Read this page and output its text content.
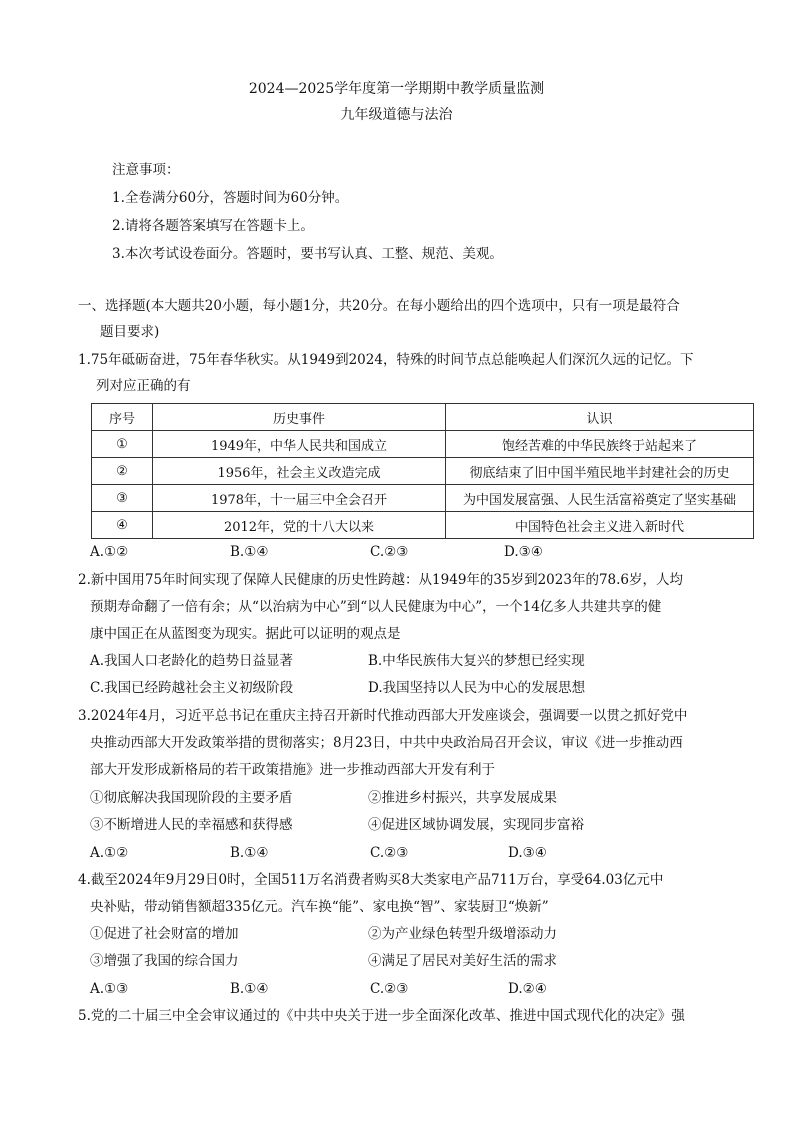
2024—2025学年度第一学期期中教学质量监测
九年级道德与法治
注意事项：
1.全卷满分60分，答题时间为60分钟。
2.请将各题答案填写在答题卡上。
3.本次考试设卷面分。答题时，要书写认真、工整、规范、美观。
一、选择题(本大题共20小题，每小题1分，共20分。在每小题给出的四个选项中，只有一项是最符合
题目要求)
1.75年砥砺奋进，75年春华秋实。从1949到2024，特殊的时间节点总能唤起人们深沉久远的记忆。下
列对应正确的有
序号	历史事件	认识
①	1949年，中华人民共和国成立	饱经苦难的中华民族终于站起来了
②	1956年，社会主义改造完成	彻底结束了旧中国半殖民地半封建社会的历史
③	1978年，十一届三中全会召开	为中国发展富强、人民生活富裕奠定了坚实基础
④	2012年，党的十八大以来	中国特色社会主义进入新时代
A.①②	B.①④	C.②③	D.③④
2.新中国用75年时间实现了保障人民健康的历史性跨越：从1949年的35岁到2023年的78.6岁，人均
预期寿命翻了一倍有余；从“以治病为中心”到“以人民健康为中心”，一个14亿多人共建共享的健
康中国正在从蓝图变为现实。据此可以证明的观点是
A.我国人口老龄化的趋势日益显著	B.中华民族伟大复兴的梦想已经实现
C.我国已经跨越社会主义初级阶段	D.我国坚持以人民为中心的发展思想
3.2024年4月，习近平总书记在重庆主持召开新时代推动西部大开发座谈会，强调要一以贯之抓好党中
央推动西部大开发政策举措的贯彻落实；8月23日，中共中央政治局召开会议，审议《进一步推动西
部大开发形成新格局的若干政策措施》进一步推动西部大开发有利于
①彻底解决我国现阶段的主要矛盾	②推进乡村振兴，共享发展成果
③不断增进人民的幸福感和获得感	④促进区域协调发展，实现同步富裕
A.①②	B.①④	C.②③	D.③④
4.截至2024年9月29日0时，全国511万名消费者购买8大类家电产品711万台，享受64.03亿元中
央补贴，带动销售额超335亿元。汽车换“能”、家电换“智”、家装厨卫“焕新”
①促进了社会财富的增加	②为产业绿色转型升级增添动力
③增强了我国的综合国力	④满足了居民对美好生活的需求
A.①③	B.①④	C.②③	D.②④
5.党的二十届三中全会审议通过的《中共中央关于进一步全面深化改革、推进中国式现代化的决定》强
